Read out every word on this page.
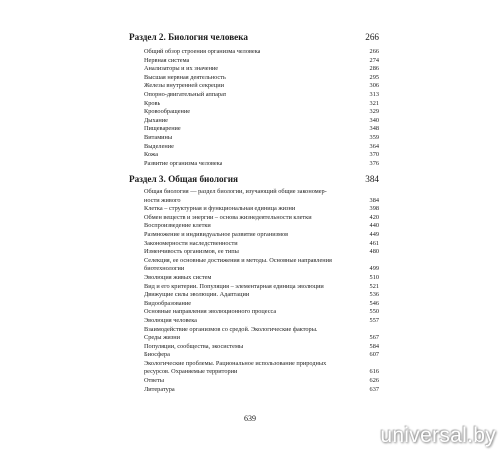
Раздел 2. Биология человека	266
Общий обзор строения организма человека	266
Нервная система	274
Анализаторы и их значение	286
Высшая нервная деятельность	295
Железы внутренней секреции	306
Опорно-двигательный аппарат	313
Кровь	321
Кровообращение	329
Дыхание	340
Пищеварение	348
Витамины	359
Выделение	364
Кожа	370
Развитие организма человека	376
Раздел 3. Общая биология	384
Общая биология — раздел биологии, изучающий общие закономер-
ности живого	384
Клетка – структурная и функциональная единица жизни	398
Обмен веществ и энергии – основа жизнедеятельности клетки	420
Воспроизведение клетки	440
Размножение и индивидуальное развитие организмов	449
Закономерности наследственности	461
Изменчивость организмов, ее типы	480
Селекция, ее основные достижения и методы. Основные направления
биотехнологии	499
Эволюция живых систем	510
Вид и его критерии. Популяция – элементарная единица эволюции	521
Движущие силы эволюции. Адаптации	536
Видообразование	546
Основные направления эволюционного процесса	550
Эволюция человека	557
Взаимодействие организмов со средой. Экологические факторы.
Среды жизни	567
Популяции, сообщества, экосистемы	584
Биосфера	607
Экологические проблемы. Рациональное использование природных
ресурсов. Охраняемые территории	616
Ответы	626
Литература	637
639
universal.by
